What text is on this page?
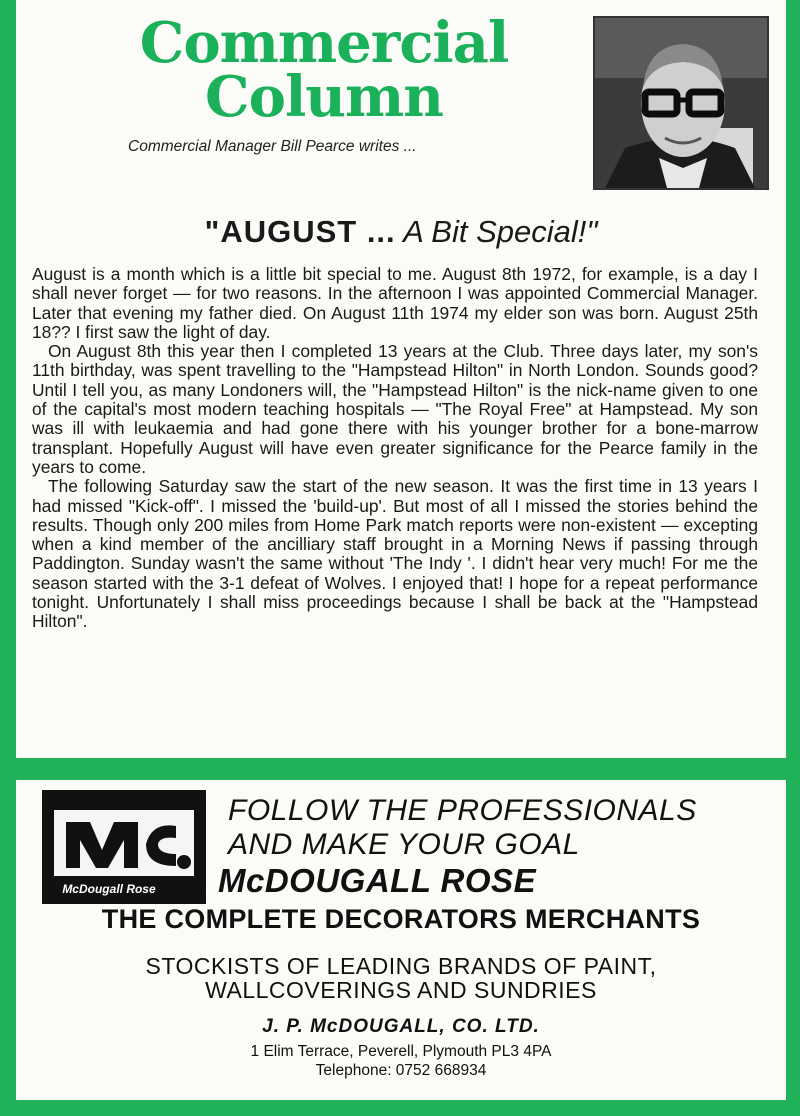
Commercial
Column
Commercial Manager Bill Pearce writes ...
"AUGUST ... A Bit Special!"

August is a month which is a little bit special to me. August 8th 1972, for example, is a day I shall never forget — for two reasons. In the afternoon I was appointed Commercial Manager. Later that evening my father died. On August 11th 1974 my elder son was born. August 25th 18?? I first saw the light of day.

On August 8th this year then I completed 13 years at the Club. Three days later, my son's 11th birthday, was spent travelling to the "Hampstead Hilton" in North London. Sounds good? Until I tell you, as many Londoners will, the "Hampstead Hilton" is the nick-name given to one of the capital's most modern teaching hospitals — "The Royal Free" at Hampstead. My son was ill with leukaemia and had gone there with his younger brother for a bone-marrow transplant. Hopefully August will have even greater significance for the Pearce family in the years to come.

The following Saturday saw the start of the new season. It was the first time in 13 years I had missed "Kick-off". I missed the 'build-up'. But most of all I missed the stories behind the results. Though only 200 miles from Home Park match reports were non-existent — excepting when a kind member of the ancilliary staff brought in a Morning News if passing through Paddington. Sunday wasn't the same without 'The Indy '. I didn't hear very much! For me the season started with the 3-1 defeat of Wolves. I enjoyed that! I hope for a repeat performance tonight. Unfortunately I shall miss proceedings because I shall be back at the "Hampstead Hilton".

McDougall Rose
FOLLOW THE PROFESSIONALS
AND MAKE YOUR GOAL
McDOUGALL ROSE
THE COMPLETE DECORATORS MERCHANTS
STOCKISTS OF LEADING BRANDS OF PAINT,
WALLCOVERINGS AND SUNDRIES
J. P. McDOUGALL, CO. LTD.
1 Elim Terrace, Peverell, Plymouth PL3 4PA
Telephone: 0752 668934
